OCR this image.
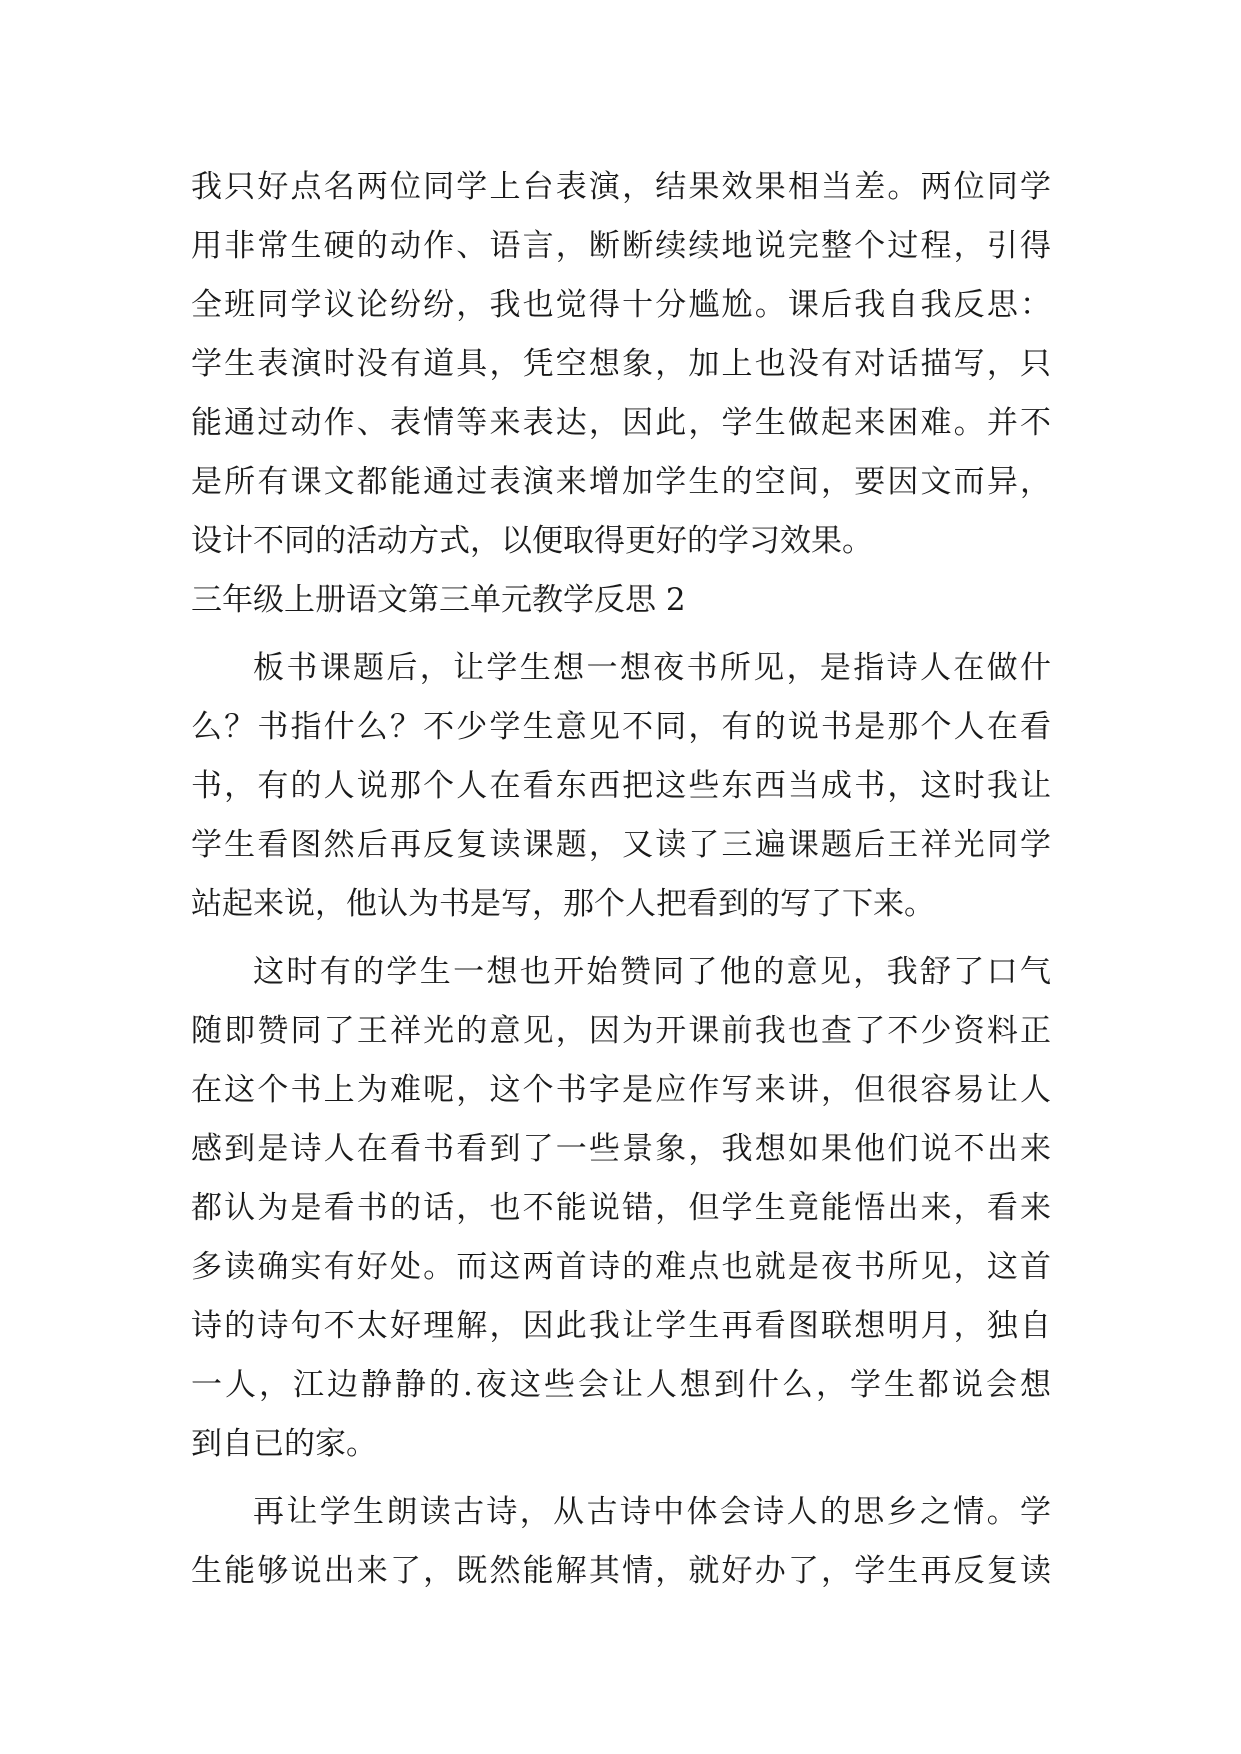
我只好点名两位同学上台表演，结果效果相当差。两位同学
用非常生硬的动作、语言，断断续续地说完整个过程，引得
全班同学议论纷纷，我也觉得十分尴尬。课后我自我反思：
学生表演时没有道具，凭空想象，加上也没有对话描写，只
能通过动作、表情等来表达，因此，学生做起来困难。并不
是所有课文都能通过表演来增加学生的空间，要因文而异，
设计不同的活动方式，以便取得更好的学习效果。
三年级上册语文第三单元教学反思 2
板书课题后，让学生想一想夜书所见，是指诗人在做什
么？书指什么？不少学生意见不同，有的说书是那个人在看
书，有的人说那个人在看东西把这些东西当成书，这时我让
学生看图然后再反复读课题，又读了三遍课题后王祥光同学
站起来说，他认为书是写，那个人把看到的写了下来。
这时有的学生一想也开始赞同了他的意见，我舒了口气
随即赞同了王祥光的意见，因为开课前我也查了不少资料正
在这个书上为难呢，这个书字是应作写来讲，但很容易让人
感到是诗人在看书看到了一些景象，我想如果他们说不出来
都认为是看书的话，也不能说错，但学生竟能悟出来，看来
多读确实有好处。而这两首诗的难点也就是夜书所见，这首
诗的诗句不太好理解，因此我让学生再看图联想明月，独自
一人，江边静静的.夜这些会让人想到什么，学生都说会想
到自已的家。
再让学生朗读古诗，从古诗中体会诗人的思乡之情。学
生能够说出来了，既然能解其情，就好办了，学生再反复读
